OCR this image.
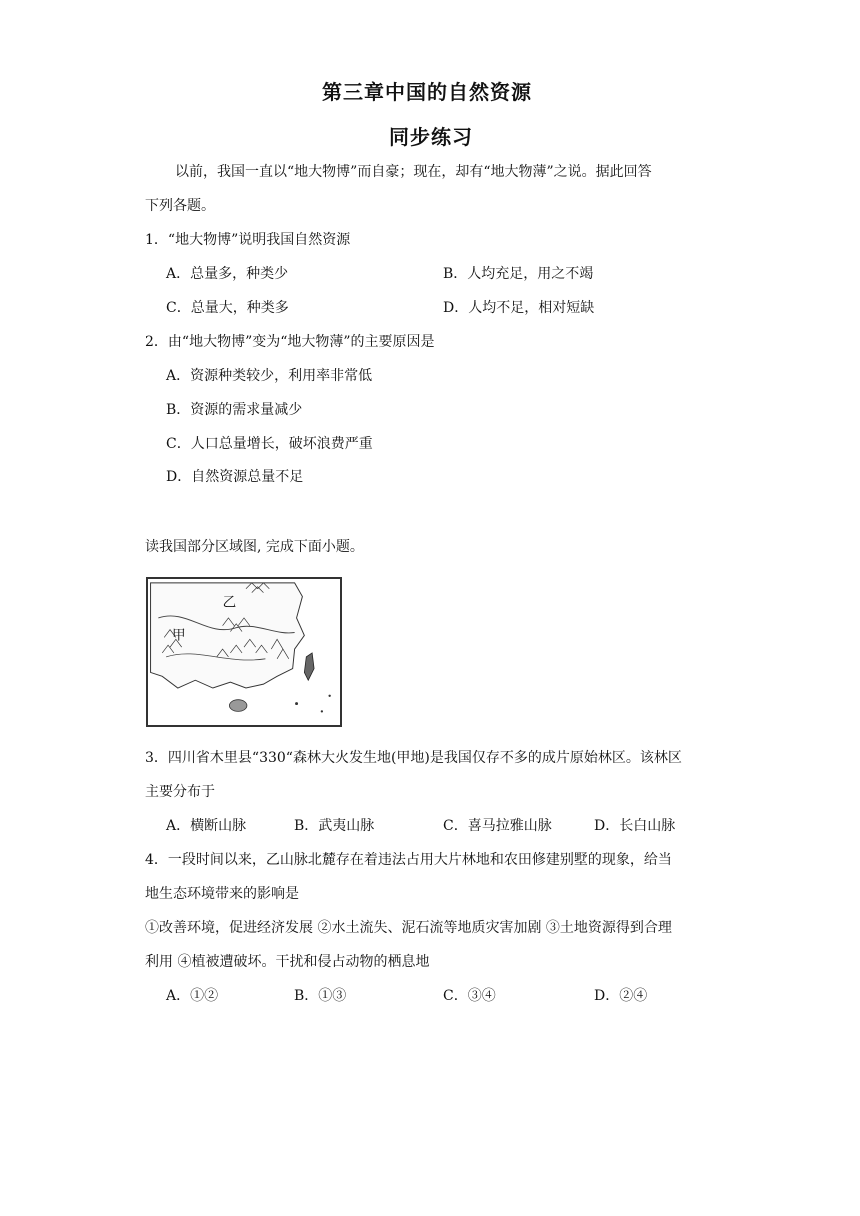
第三章中国的自然资源
同步练习
以前，我国一直以“地大物博”而自豪；现在，却有“地大物薄”之说。据此回答
下列各题。
1．“地大物博”说明我国自然资源
A．总量多，种类少	B．人均充足，用之不竭
C．总量大，种类多	D．人均不足，相对短缺
2．由“地大物博”变为“地大物薄”的主要原因是
A．资源种类较少，利用率非常低
B．资源的需求量减少
C．人口总量增长，破坏浪费严重
D．自然资源总量不足
读我国部分区域图, 完成下面小题。
乙
甲
3．四川省木里县“330“森林大火发生地(甲地)是我国仅存不多的成片原始林区。该林区
主要分布于
A．横断山脉	B．武夷山脉	C．喜马拉雅山脉	D．长白山脉
4．一段时间以来，乙山脉北麓存在着违法占用大片林地和农田修建别墅的现象，给当
地生态环境带来的影响是
①改善环境，促进经济发展 ②水土流失、泥石流等地质灾害加剧 ③土地资源得到合理
利用 ④植被遭破坏。干扰和侵占动物的栖息地
A．①②	B．①③	C．③④	D．②④
